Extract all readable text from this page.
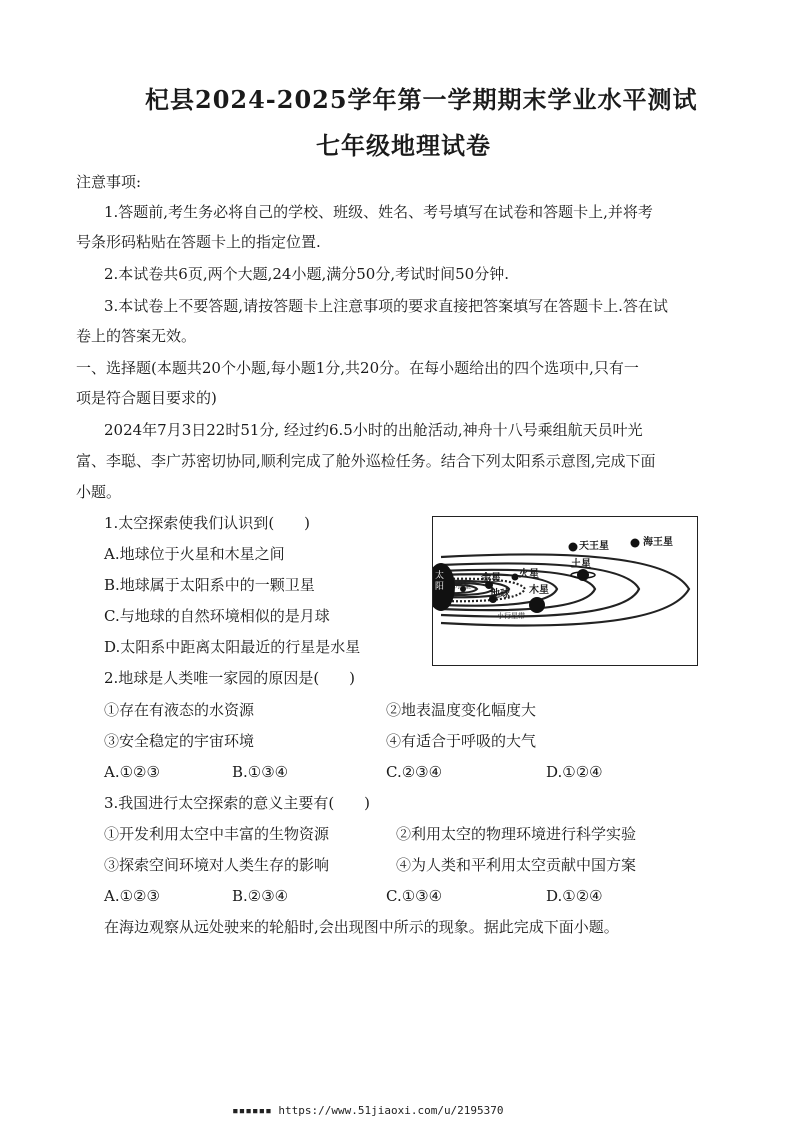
杞县2024-2025学年第一学期期末学业水平测试
七年级地理试卷
注意事项:
1.答题前,考生务必将自己的学校、班级、姓名、考号填写在试卷和答题卡上,并将考
号条形码粘贴在答题卡上的指定位置.
2.本试卷共6页,两个大题,24小题,满分50分,考试时间50分钟.
3.本试卷上不要答题,请按答题卡上注意事项的要求直接把答案填写在答题卡上.答在试
卷上的答案无效。
一、选择题(本题共20个小题,每小题1分,共20分。在每小题给出的四个选项中,只有一
项是符合题目要求的)
2024年7月3日22时51分, 经过约6.5小时的出舱活动,神舟十八号乘组航天员叶光
富、李聪、李广苏密切协同,顺利完成了舱外巡检任务。结合下列太阳系示意图,完成下面
小题。
1.太空探索使我们认识到(　　)
A.地球位于火星和木星之间
B.地球属于太阳系中的一颗卫星
C.与地球的自然环境相似的是月球
D.太阳系中距离太阳最近的行星是水星
太阳	水星
金星
地球
火星
木星
土星
天王星	海王星
小行星带
2.地球是人类唯一家园的原因是(　　)
①存在有液态的水资源	②地表温度变化幅度大
③安全稳定的宇宙环境	④有适合于呼吸的大气
A.①②③	B.①③④	C.②③④	D.①②④
3.我国进行太空探索的意义主要有(　　)
①开发利用太空中丰富的生物资源	②利用太空的物理环境进行科学实验
③探索空间环境对人类生存的影响	④为人类和平利用太空贡献中国方案
A.①②③	B.②③④	C.①③④	D.①②④
在海边观察从远处驶来的轮船时,会出现图中所示的现象。据此完成下面小题。
▪▪▪▪▪▪ https://www.51jiaoxi.com/u/2195370
